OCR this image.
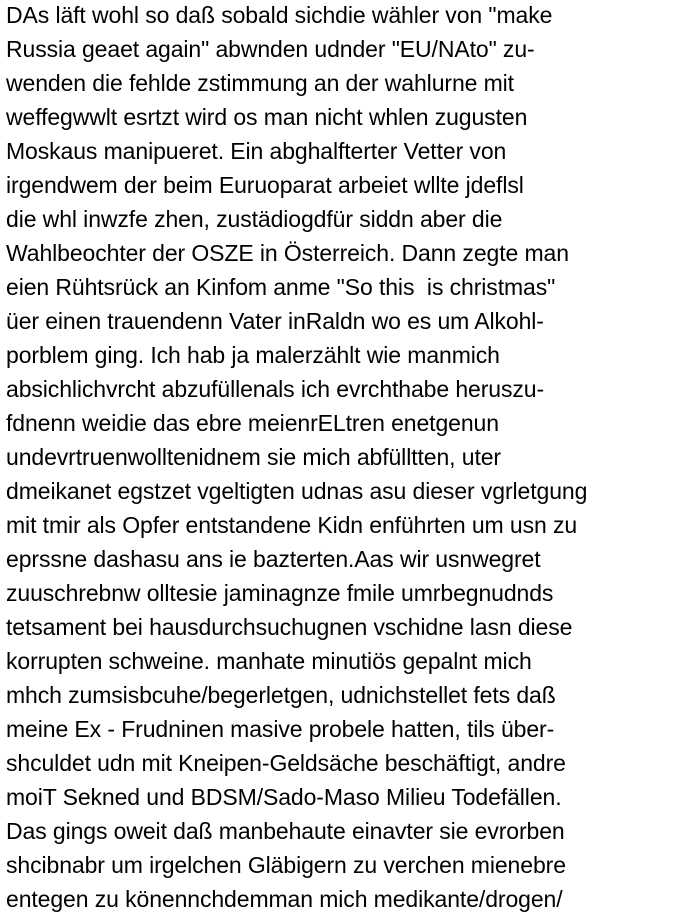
DAs läft wohl so daß sobald sichdie wähler von "make
Russia geaet again" abwnden udnder "EU/NAto" zu-
wenden die fehlde zstimmung an der wahlurne mit
weffegwwlt esrtzt wird os man nicht whlen zugusten
Moskaus manipueret. Ein abghalfterter Vetter von
irgendwem der beim Euruoparat arbeiet wllte jdeflsl
die whl inwzfe zhen, zustädiogdfür siddn aber die
Wahlbeochter der OSZE in Österreich. Dann zegte man
eien Rühtsrück an Kinfom anme "So this  is christmas"
üer einen trauendenn Vater inRaldn wo es um Alkohl-
porblem ging. Ich hab ja malerzählt wie manmich
absichlichvrcht abzufüllenals ich evrchthabe heruszu-
fdnenn weidie das ebre meienrELtren enetgenun
undevrtruenwolltenidnem sie mich abfülltten, uter
dmeikanet egstzet vgeltigten udnas asu dieser vgrletgung
mit tmir als Opfer entstandene Kidn enführten um usn zu
eprssne dashasu ans ie bazterten.Aas wir usnwegret
zuuschrebnw olltesie jaminagnze fmile umrbegnudnds
tetsament bei hausdurchsuchugnen vschidne lasn diese
korrupten schweine. manhate minutiös gepalnt mich
mhch zumsisbcuhe/begerletgen, udnichstellet fets daß
meine Ex - Frudninen masive probele hatten, tils über-
shculdet udn mit Kneipen-Geldsäche beschäftigt, andre
moiT Sekned und BDSM/Sado-Maso Milieu Todefällen.
Das gings oweit daß manbehaute einavter sie evrorben
shcibnabr um irgelchen Gläbigern zu verchen mienebre
entegen zu könennchdemman mich medikante/drogen/
